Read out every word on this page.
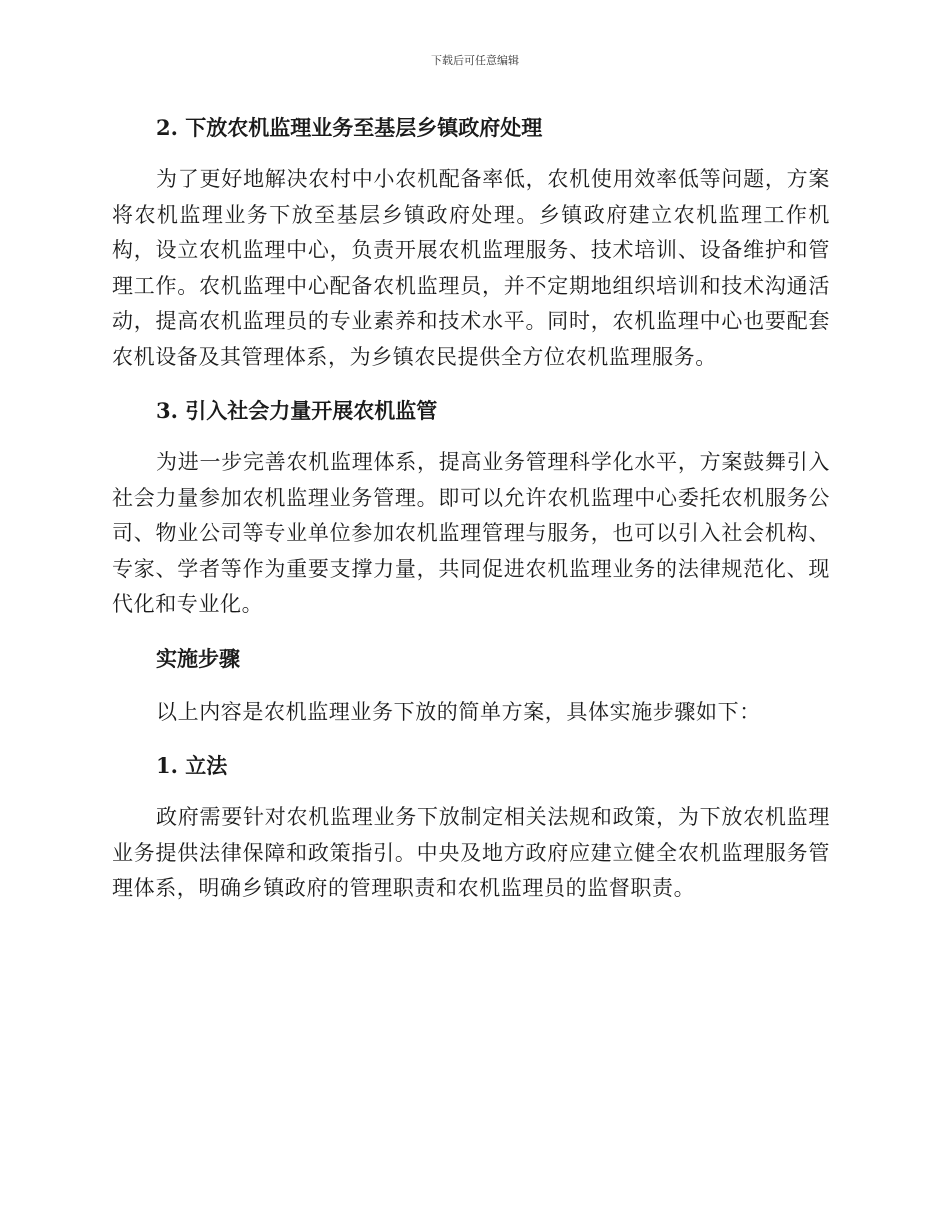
下载后可任意编辑
2. 下放农机监理业务至基层乡镇政府处理

为了更好地解决农村中小农机配备率低，农机使用效率低等问题，方案将农机监理业务下放至基层乡镇政府处理。乡镇政府建立农机监理工作机构，设立农机监理中心，负责开展农机监理服务、技术培训、设备维护和管理工作。农机监理中心配备农机监理员，并不定期地组织培训和技术沟通活动，提高农机监理员的专业素养和技术水平。同时，农机监理中心也要配套农机设备及其管理体系，为乡镇农民提供全方位农机监理服务。

3. 引入社会力量开展农机监管

为进一步完善农机监理体系，提高业务管理科学化水平，方案鼓舞引入社会力量参加农机监理业务管理。即可以允许农机监理中心委托农机服务公司、物业公司等专业单位参加农机监理管理与服务，也可以引入社会机构、专家、学者等作为重要支撑力量，共同促进农机监理业务的法律规范化、现代化和专业化。

实施步骤

以上内容是农机监理业务下放的简单方案，具体实施步骤如下：

1. 立法

政府需要针对农机监理业务下放制定相关法规和政策，为下放农机监理业务提供法律保障和政策指引。中央及地方政府应建立健全农机监理服务管理体系，明确乡镇政府的管理职责和农机监理员的监督职责。
